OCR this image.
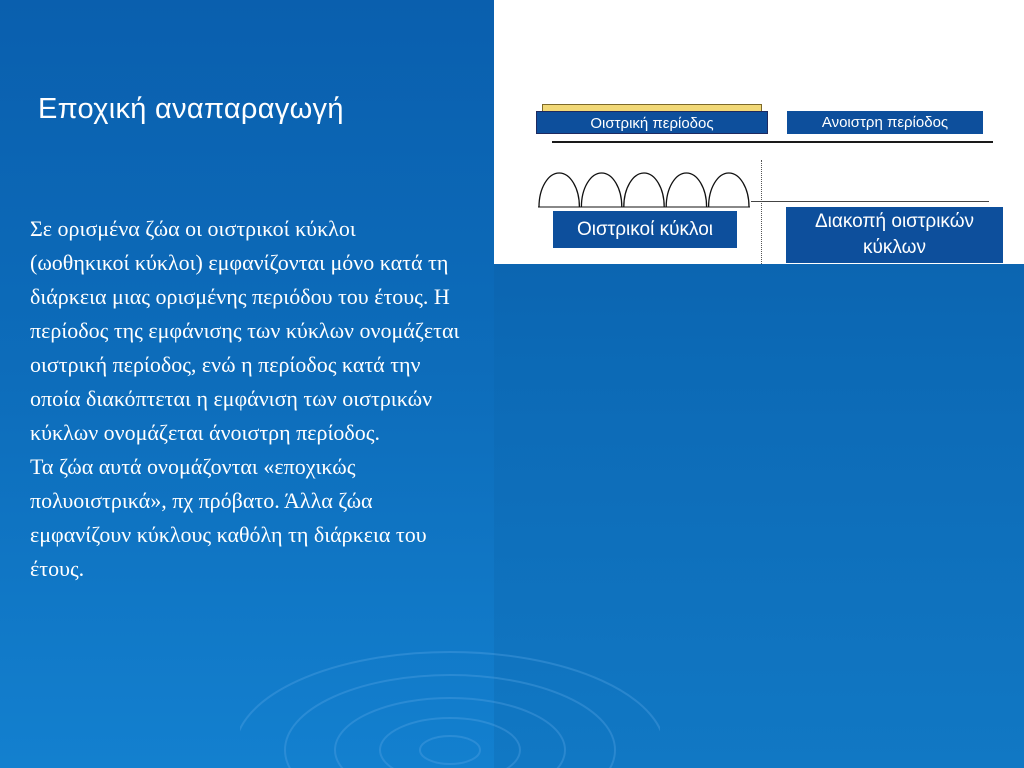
Εποχική αναπαραγωγή

Σε ορισμένα ζώα οι οιστρικοί κύκλοι (ωοθηκικοί κύκλοι) εμφανίζονται μόνο κατά τη διάρκεια μιας ορισμένης περιόδου του έτους. Η περίοδος της εμφάνισης των κύκλων ονομάζεται οιστρική περίοδος, ενώ η περίοδος κατά την οποία διακόπτεται η εμφάνιση των οιστρικών κύκλων ονομάζεται άνοιστρη περίοδος.

Τα ζώα αυτά ονομάζονται «εποχικώς πολυοιστρικά», πχ πρόβατο. Άλλα ζώα εμφανίζουν κύκλους καθόλη τη διάρκεια του έτους.

Οιστρική περίοδος	Ανοιστρη περίοδος
Οιστρικοί κύκλοι	Διακοπή οιστρικών κύκλων
